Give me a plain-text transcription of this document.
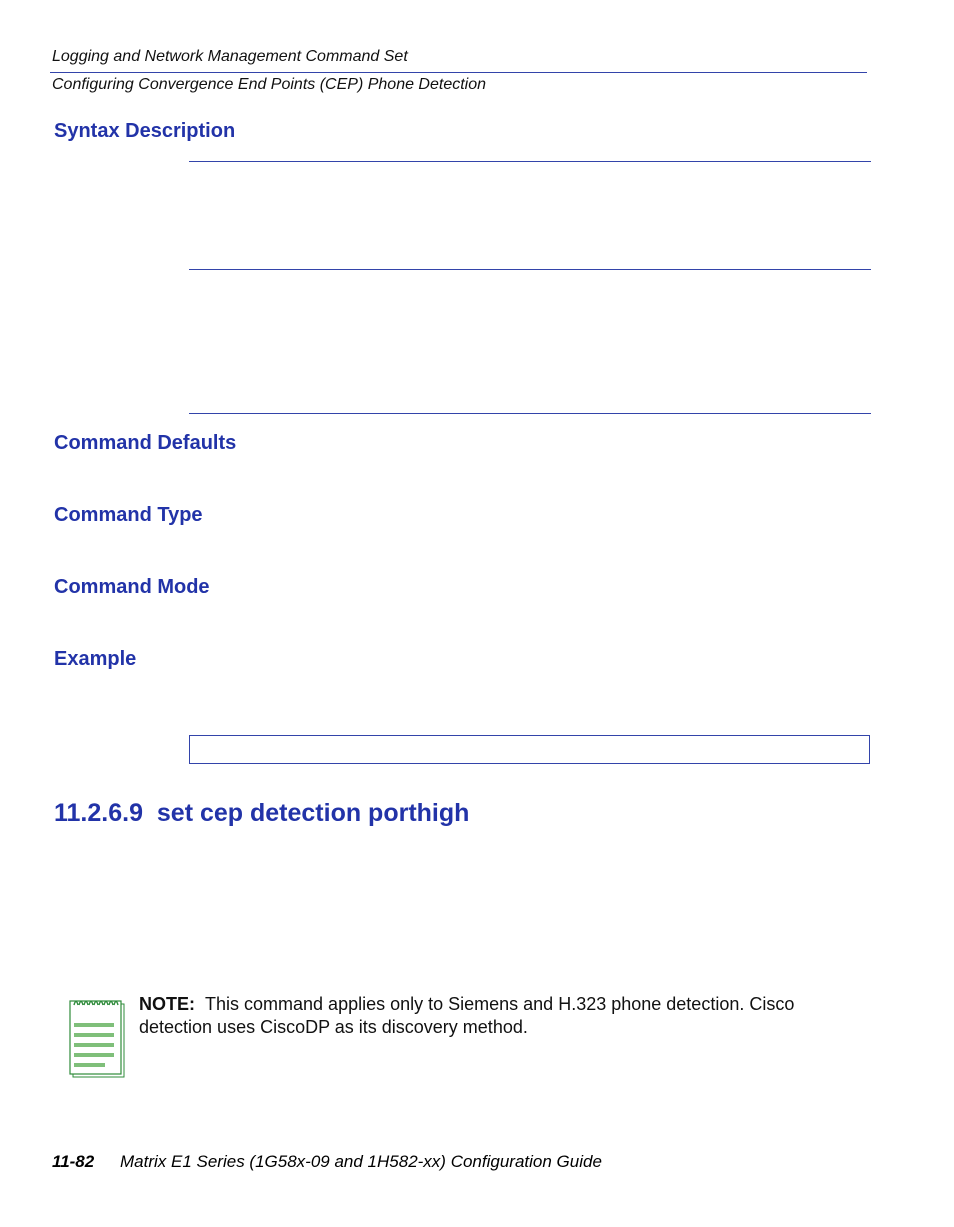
Logging and Network Management Command Set
Configuring Convergence End Points (CEP) Phone Detection
Syntax Description
Command Defaults
Command Type
Command Mode
Example
11.2.6.9 set cep detection porthigh
NOTE: This command applies only to Siemens and H.323 phone detection. Cisco detection uses CiscoDP as its discovery method.
11-82 Matrix E1 Series (1G58x-09 and 1H582-xx) Configuration Guide
